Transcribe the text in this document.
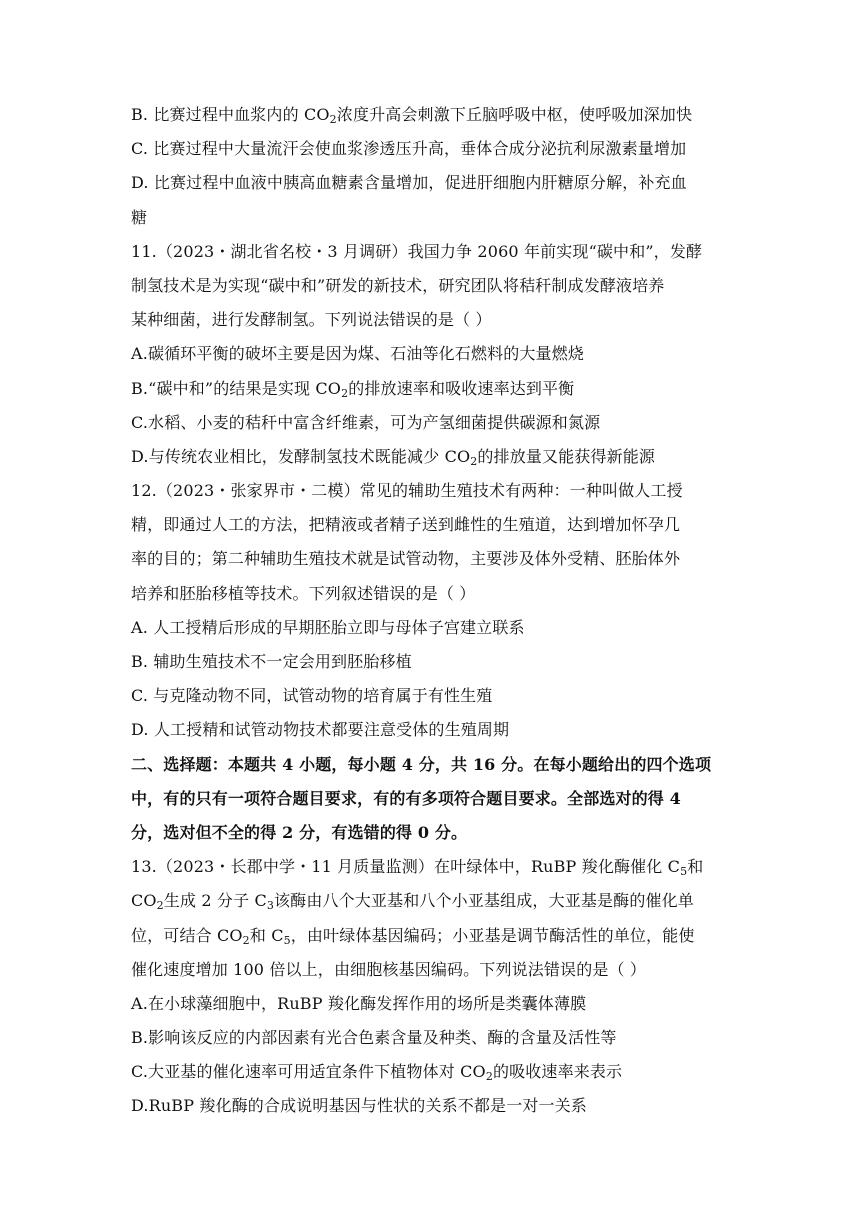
B. 比赛过程中血浆内的 $CO_2$浓度升高会刺激下丘脑呼吸中枢，使呼吸加深加快
C. 比赛过程中大量流汗会使血浆渗透压升高，垂体合成分泌抗利尿激素量增加
D. 比赛过程中血液中胰高血糖素含量增加，促进肝细胞内肝糖原分解，补充血
糖
11.（2023・湖北省名校・3 月调研）我国力争 2060 年前实现“碳中和”，发酵
制氢技术是为实现“碳中和”研发的新技术，研究团队将秸秆制成发酵液培养
某种细菌，进行发酵制氢。下列说法错误的是（ ）
A.碳循环平衡的破坏主要是因为煤、石油等化石燃料的大量燃烧
B.“碳中和”的结果是实现 $CO_2$的排放速率和吸收速率达到平衡
C.水稻、小麦的秸秆中富含纤维素，可为产氢细菌提供碳源和氮源
D.与传统农业相比，发酵制氢技术既能减少 $CO_2$的排放量又能获得新能源
12.（2023・张家界市・二模）常见的辅助生殖技术有两种：一种叫做人工授
精，即通过人工的方法，把精液或者精子送到雌性的生殖道，达到增加怀孕几
率的目的；第二种辅助生殖技术就是试管动物，主要涉及体外受精、胚胎体外
培养和胚胎移植等技术。下列叙述错误的是（ ）
A. 人工授精后形成的早期胚胎立即与母体子宫建立联系
B. 辅助生殖技术不一定会用到胚胎移植
C. 与克隆动物不同，试管动物的培育属于有性生殖
D. 人工授精和试管动物技术都要注意受体的生殖周期
二、选择题：本题共 4 小题，每小题 4 分，共 16 分。在每小题给出的四个选项
中，有的只有一项符合题目要求，有的有多项符合题目要求。全部选对的得 4
分，选对但不全的得 2 分，有选错的得 0 分。
13.（2023・长郡中学・11 月质量监测）在叶绿体中，RuBP 羧化酶催化 $C_5$和
$CO_2$生成 2 分子 $C_3$该酶由八个大亚基和八个小亚基组成，大亚基是酶的催化单
位，可结合 $CO_2$和 $C_5$，由叶绿体基因编码；小亚基是调节酶活性的单位，能使
催化速度增加 100 倍以上，由细胞核基因编码。下列说法错误的是（ ）
A.在小球藻细胞中，RuBP 羧化酶发挥作用的场所是类囊体薄膜
B.影响该反应的内部因素有光合色素含量及种类、酶的含量及活性等
C.大亚基的催化速率可用适宜条件下植物体对 $CO_2$的吸收速率来表示
D.RuBP 羧化酶的合成说明基因与性状的关系不都是一对一关系
